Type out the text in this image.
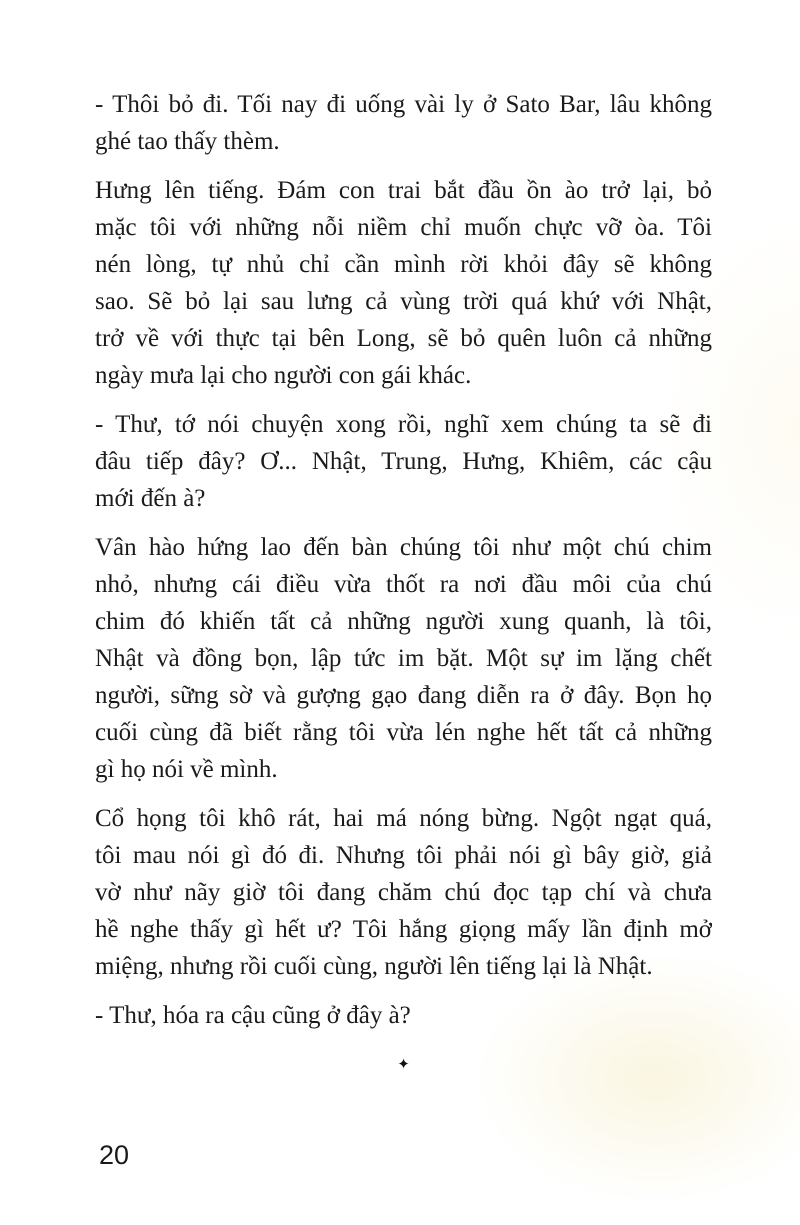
- Thôi bỏ đi. Tối nay đi uống vài ly ở Sato Bar, lâu không
ghé tao thấy thèm.
Hưng lên tiếng. Đám con trai bắt đầu ồn ào trở lại, bỏ
mặc tôi với những nỗi niềm chỉ muốn chực vỡ òa. Tôi
nén lòng, tự nhủ chỉ cần mình rời khỏi đây sẽ không
sao. Sẽ bỏ lại sau lưng cả vùng trời quá khứ với Nhật,
trở về với thực tại bên Long, sẽ bỏ quên luôn cả những
ngày mưa lại cho người con gái khác.
- Thư, tớ nói chuyện xong rồi, nghĩ xem chúng ta sẽ đi
đâu tiếp đây? Ơ... Nhật, Trung, Hưng, Khiêm, các cậu
mới đến à?
Vân hào hứng lao đến bàn chúng tôi như một chú chim
nhỏ, nhưng cái điều vừa thốt ra nơi đầu môi của chú
chim đó khiến tất cả những người xung quanh, là tôi,
Nhật và đồng bọn, lập tức im bặt. Một sự im lặng chết
người, sững sờ và gượng gạo đang diễn ra ở đây. Bọn họ
cuối cùng đã biết rằng tôi vừa lén nghe hết tất cả những
gì họ nói về mình.
Cổ họng tôi khô rát, hai má nóng bừng. Ngột ngạt quá,
tôi mau nói gì đó đi. Nhưng tôi phải nói gì bây giờ, giả
vờ như nãy giờ tôi đang chăm chú đọc tạp chí và chưa
hề nghe thấy gì hết ư? Tôi hắng giọng mấy lần định mở
miệng, nhưng rồi cuối cùng, người lên tiếng lại là Nhật.
- Thư, hóa ra cậu cũng ở đây à?
✦
20
